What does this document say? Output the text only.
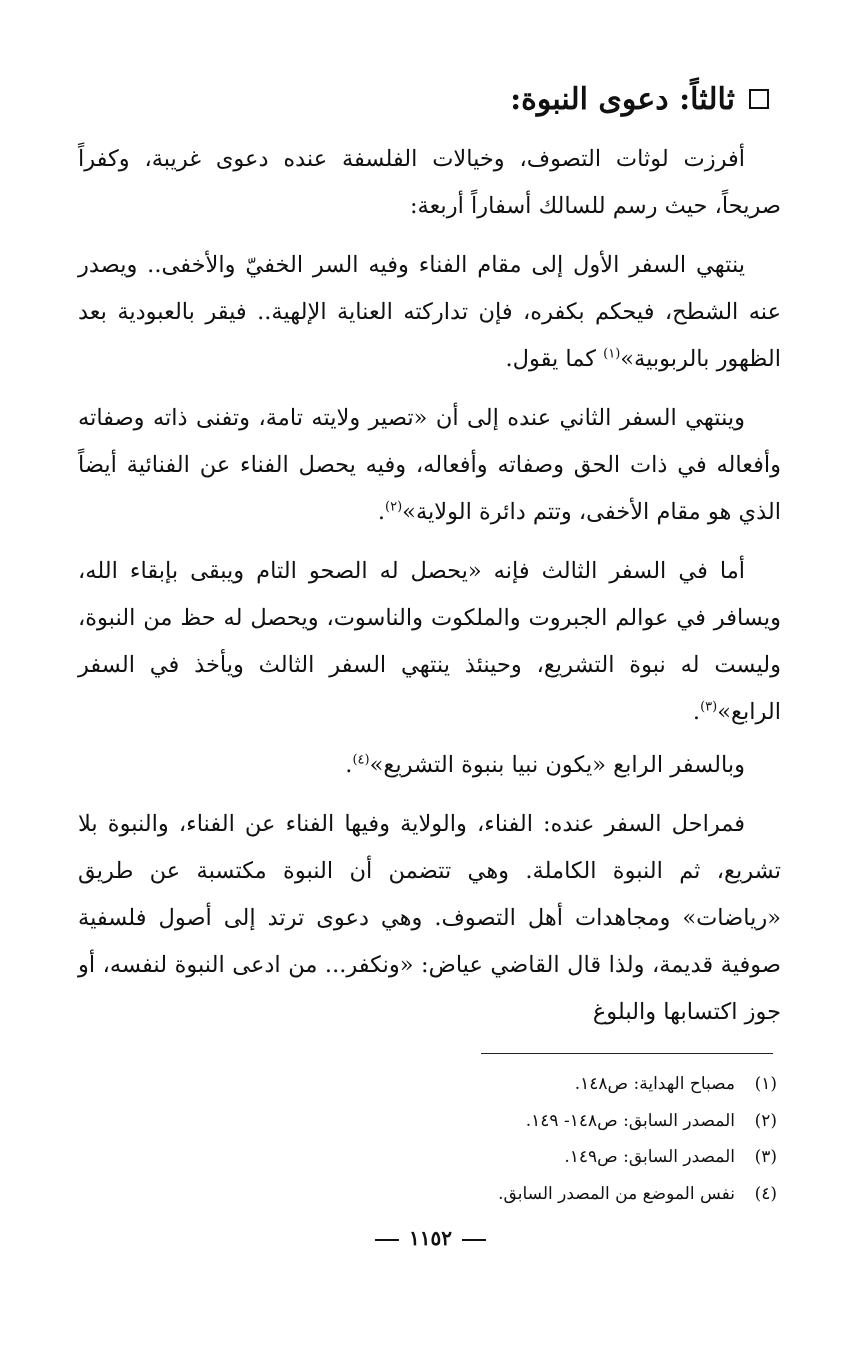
ثالثاً: دعوى النبوة:

أفرزت لوثات التصوف، وخيالات الفلسفة عنده دعوى غريبة، وكفراً صريحاً، حيث رسم للسالك أسفاراً أربعة:

ينتهي السفر الأول إلى مقام الفناء وفيه السر الخفيّ والأخفى.. ويصدر عنه الشطح، فيحكم بكفره، فإن تداركته العناية الإلهية.. فيقر بالعبودية بعد الظهور بالربوبية»$^{(١)}$ كما يقول.

وينتهي السفر الثاني عنده إلى أن «تصير ولايته تامة، وتفنى ذاته وصفاته وأفعاله في ذات الحق وصفاته وأفعاله، وفيه يحصل الفناء عن الفنائية أيضاً الذي هو مقام الأخفى، وتتم دائرة الولاية»$^{(٢)}$.

أما في السفر الثالث فإنه «يحصل له الصحو التام ويبقى بإبقاء الله، ويسافر في عوالم الجبروت والملكوت والناسوت، ويحصل له حظ من النبوة، وليست له نبوة التشريع، وحينئذ ينتهي السفر الثالث ويأخذ في السفر الرابع»$^{(٣)}$.

وبالسفر الرابع «يكون نبيا بنبوة التشريع»$^{(٤)}$.

فمراحل السفر عنده: الفناء، والولاية وفيها الفناء عن الفناء، والنبوة بلا تشريع، ثم النبوة الكاملة. وهي تتضمن أن النبوة مكتسبة عن طريق «رياضات» ومجاهدات أهل التصوف. وهي دعوى ترتد إلى أصول فلسفية صوفية قديمة، ولذا قال القاضي عياض: «ونكفر... من ادعى النبوة لنفسه، أو جوز اكتسابها والبلوغ

(١)
مصباح الهداية: ص١٤٨.
(٢)
المصدر السابق: ص١٤٨- ١٤٩.
(٣)
المصدر السابق: ص١٤٩.
(٤)
نفس الموضع من المصدر السابق.
١١٥٢
